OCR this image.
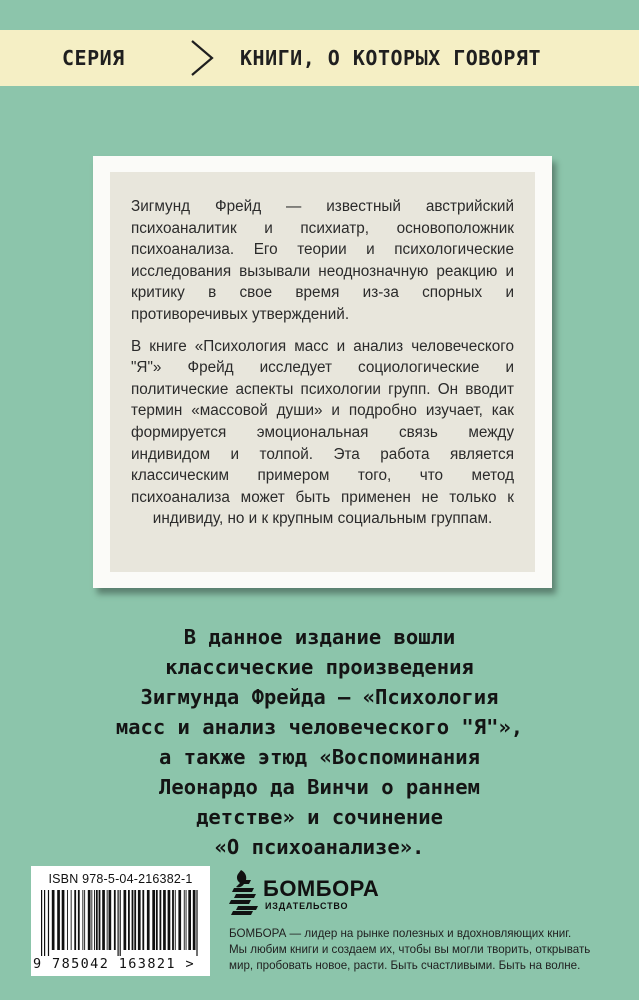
СЕРИЯ	КНИГИ, О КОТОРЫХ ГОВОРЯТ

Зигмунд Фрейд — известный австрийский психоаналитик и психиатр, основоположник психоанализа. Его теории и психологические исследования вызывали неоднозначную реакцию и критику в свое время из-за спорных и противоречивых утверждений.

В книге «Психология масс и анализ человеческого "Я"» Фрейд исследует социологические и политические аспекты психологии групп. Он вводит термин «массовой души» и подробно изучает, как формируется эмоциональная связь между индивидом и толпой. Эта работа является классическим примером того, что метод психоанализа может быть применен не только к индивиду, но и к крупным социальным группам.

В данное издание вошли
классические произведения
Зигмунда Фрейда – «Психология
масс и анализ человеческого "Я"»,
а также этюд «Воспоминания
Леонардо да Винчи о раннем
детстве» и сочинение
«О психоанализе».
ISBN 978-5-04-216382-1
9 785042 163821 >
БОМБОРА
ИЗДАТЕЛЬСТВО
БОМБОРА — лидер на рынке полезных и вдохновляющих книг.
Мы любим книги и создаем их, чтобы вы могли творить, открывать
мир, пробовать новое, расти. Быть счастливыми. Быть на волне.
